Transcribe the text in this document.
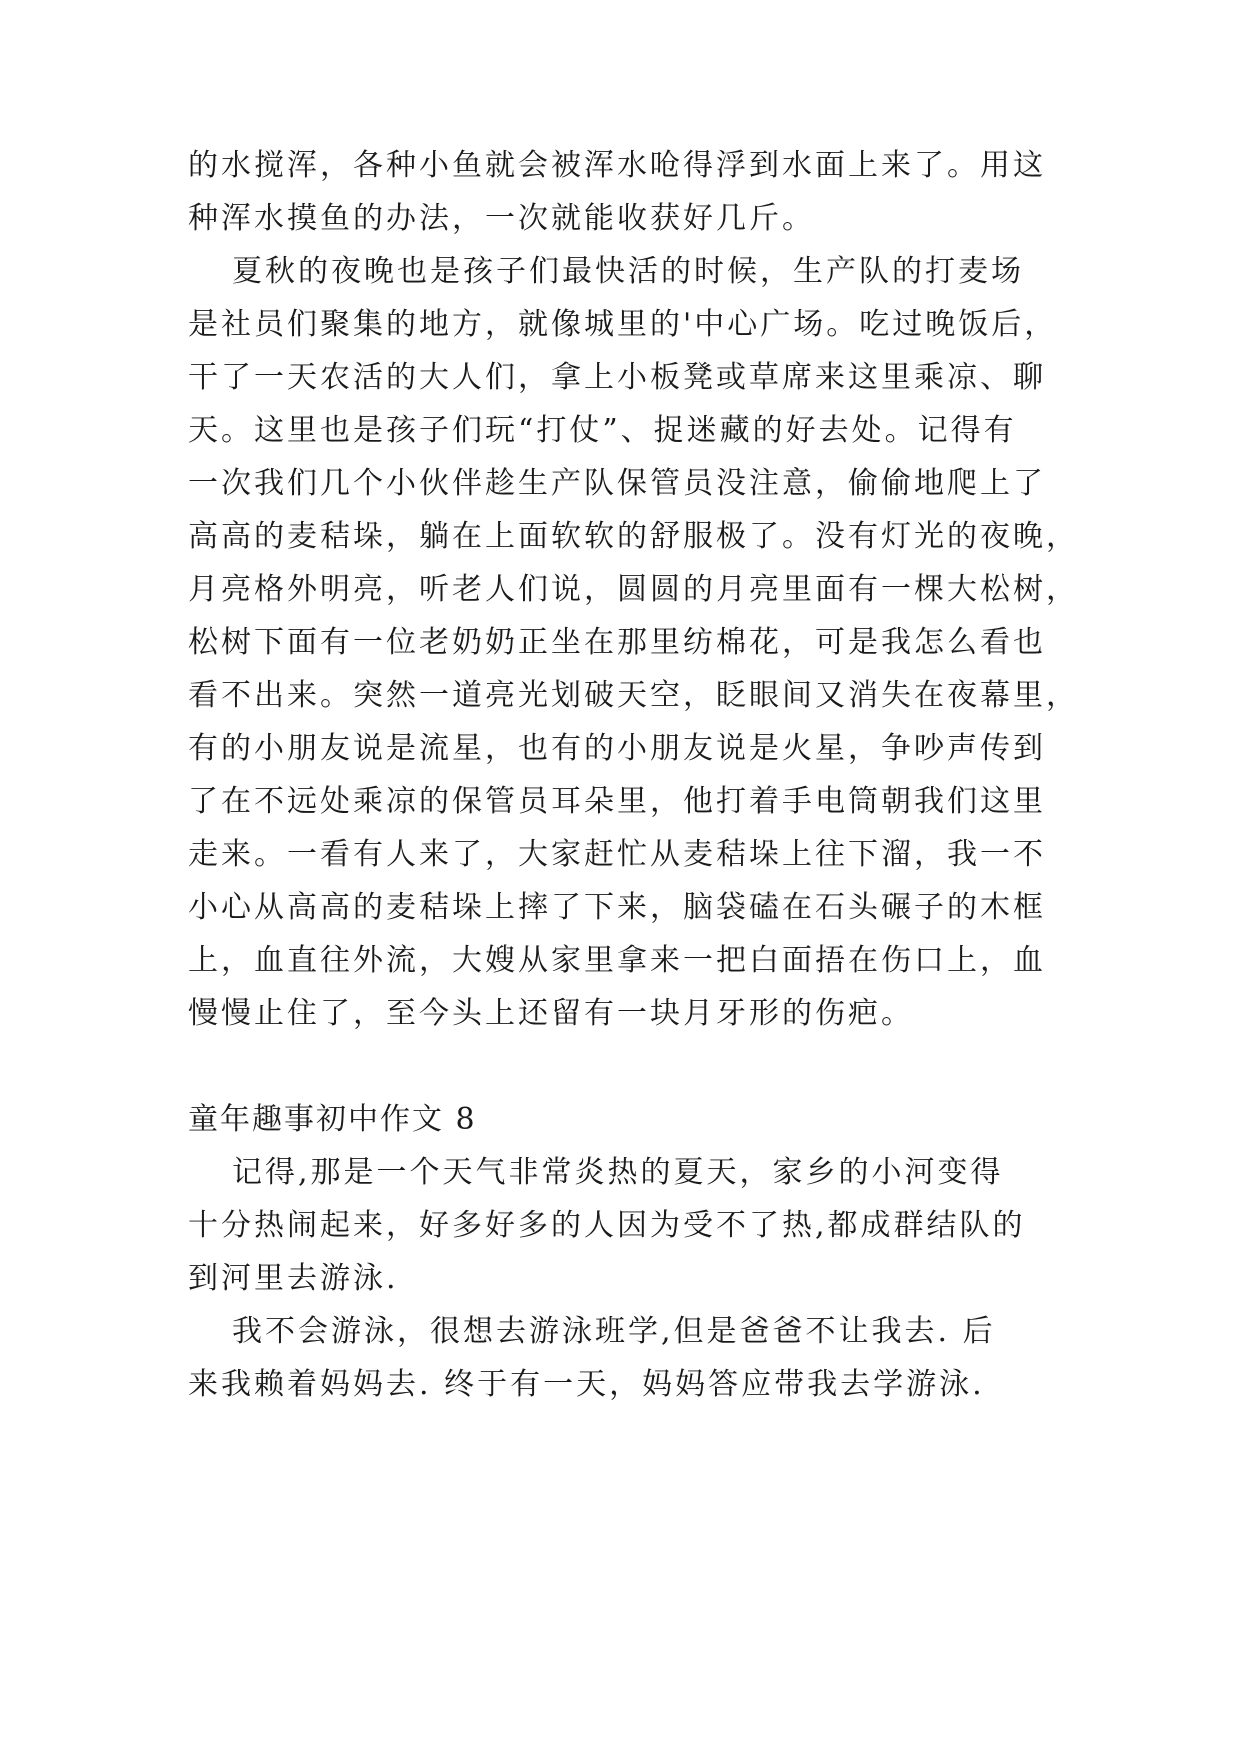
的水搅浑，各种小鱼就会被浑水呛得浮到水面上来了。用这
种浑水摸鱼的办法，一次就能收获好几斤。
夏秋的夜晚也是孩子们最快活的时候，生产队的打麦场
是社员们聚集的地方，就像城里的'中心广场。吃过晚饭后，
干了一天农活的大人们，拿上小板凳或草席来这里乘凉、聊
天。这里也是孩子们玩“打仗”、捉迷藏的好去处。记得有
一次我们几个小伙伴趁生产队保管员没注意，偷偷地爬上了
高高的麦秸垛，躺在上面软软的舒服极了。没有灯光的夜晚，
月亮格外明亮，听老人们说，圆圆的月亮里面有一棵大松树，
松树下面有一位老奶奶正坐在那里纺棉花，可是我怎么看也
看不出来。突然一道亮光划破天空，眨眼间又消失在夜幕里，
有的小朋友说是流星，也有的小朋友说是火星，争吵声传到
了在不远处乘凉的保管员耳朵里，他打着手电筒朝我们这里
走来。一看有人来了，大家赶忙从麦秸垛上往下溜，我一不
小心从高高的麦秸垛上摔了下来，脑袋磕在石头碾子的木框
上，血直往外流，大嫂从家里拿来一把白面捂在伤口上，血
慢慢止住了，至今头上还留有一块月牙形的伤疤。
童年趣事初中作文 8
记得,那是一个天气非常炎热的夏天，家乡的小河变得
十分热闹起来，好多好多的人因为受不了热,都成群结队的
到河里去游泳.
我不会游泳，很想去游泳班学,但是爸爸不让我去. 后
来我赖着妈妈去. 终于有一天，妈妈答应带我去学游泳.
